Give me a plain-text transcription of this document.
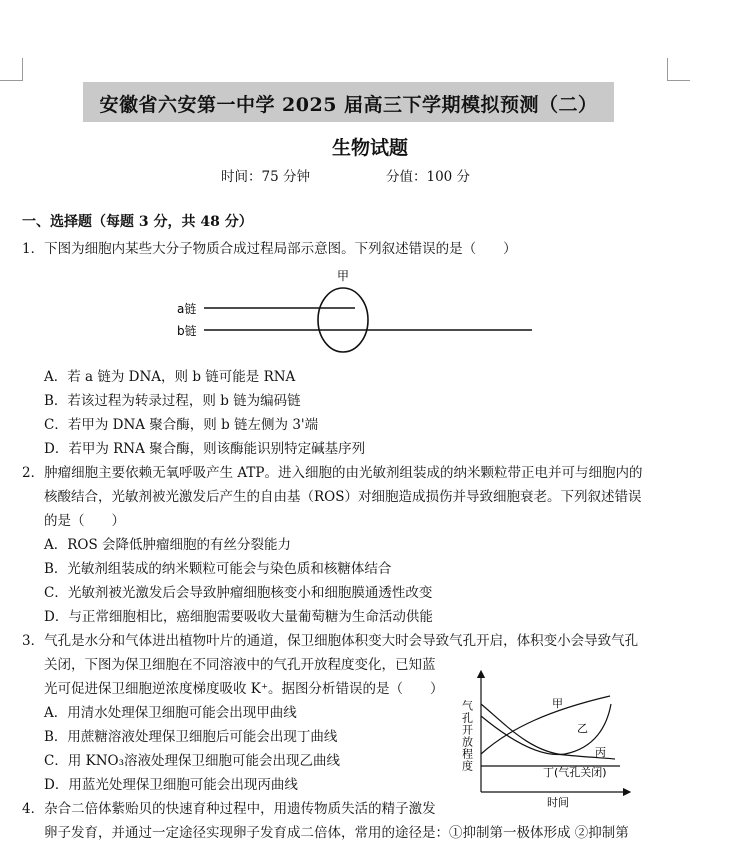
安徽省六安第一中学 2025 届高三下学期模拟预测（二）
生物试题
时间：75 分钟	分值：100 分
一、选择题（每题 3 分，共 48 分）
1．下图为细胞内某些大分子物质合成过程局部示意图。下列叙述错误的是（　　）
甲
a链
b链
A．若 a 链为 DNA，则 b 链可能是 RNA
B．若该过程为转录过程，则 b 链为编码链
C．若甲为 DNA 聚合酶，则 b 链左侧为 3'端
D．若甲为 RNA 聚合酶，则该酶能识别特定碱基序列
2．肿瘤细胞主要依赖无氧呼吸产生 ATP。进入细胞的由光敏剂组装成的纳米颗粒带正电并可与细胞内的
核酸结合，光敏剂被光激发后产生的自由基（ROS）对细胞造成损伤并导致细胞衰老。下列叙述错误
的是（　　）
A．ROS 会降低肿瘤细胞的有丝分裂能力
B．光敏剂组装成的纳米颗粒可能会与染色质和核糖体结合
C．光敏剂被光激发后会导致肿瘤细胞核变小和细胞膜通透性改变
D．与正常细胞相比，癌细胞需要吸收大量葡萄糖为生命活动供能
3．气孔是水分和气体进出植物叶片的通道，保卫细胞体积变大时会导致气孔开启，体积变小会导致气孔
关闭，下图为保卫细胞在不同溶液中的气孔开放程度变化，已知蓝
光可促进保卫细胞逆浓度梯度吸收 K⁺。据图分析错误的是（　　）
A．用清水处理保卫细胞可能会出现甲曲线
B．用蔗糖溶液处理保卫细胞后可能会出现丁曲线
C．用 KNO₃溶液处理保卫细胞可能会出现乙曲线
D．用蓝光处理保卫细胞可能会出现丙曲线
气孔开放程度
时间
甲
乙
丙
丁(气孔关闭)
4．杂合二倍体紫贻贝的快速育种过程中，用遗传物质失活的精子激发
卵子发育，并通过一定途径实现卵子发育成二倍体，常用的途径是：①抑制第一极体形成 ②抑制第
